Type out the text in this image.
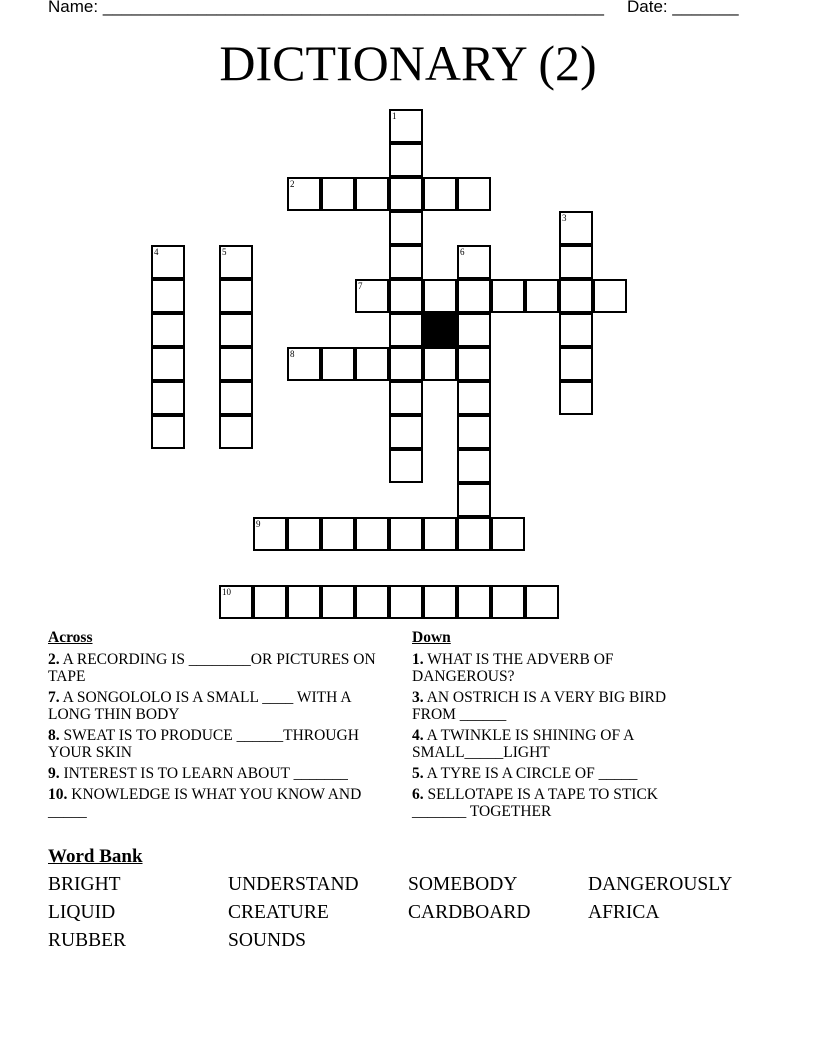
Name: _____________________________________________________ Date: _______
DICTIONARY (2)
1
2
3
4	5	6
7
8
9
10
Across
2. A RECORDING IS ________OR PICTURES ON TAPE
7. A SONGOLOLO IS A SMALL ____ WITH A LONG THIN BODY
8. SWEAT IS TO PRODUCE ______THROUGH YOUR SKIN
9. INTEREST IS TO LEARN ABOUT _______
10. KNOWLEDGE IS WHAT YOU KNOW AND _____
Down
1. WHAT IS THE ADVERB OF DANGEROUS?
3. AN OSTRICH IS A VERY BIG BIRD FROM ______
4. A TWINKLE IS SHINING OF A SMALL_____LIGHT
5. A TYRE IS A CIRCLE OF _____
6. SELLOTAPE IS A TAPE TO STICK _______ TOGETHER
Word Bank
BRIGHT	UNDERSTAND	SOMEBODY	DANGEROUSLY
LIQUID	CREATURE	CARDBOARD	AFRICA
RUBBER	SOUNDS
